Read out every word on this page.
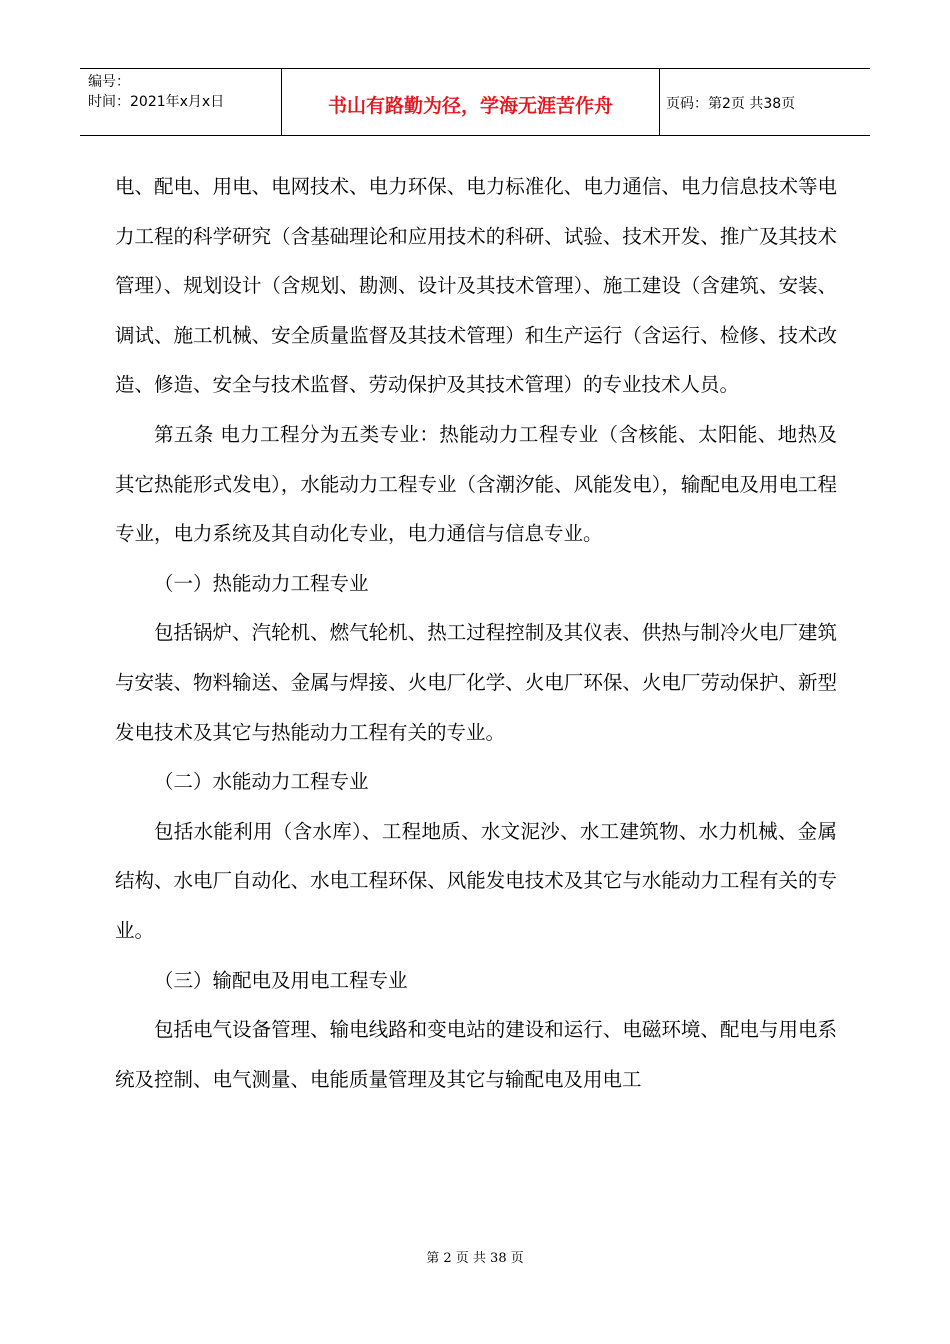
编号：
时间：2021年x月x日	书山有路勤为径，学海无涯苦作舟	页码：第2页 共38页

电、配电、用电、电网技术、电力环保、电力标准化、电力通信、电力信息技术等电力工程的科学研究（含基础理论和应用技术的科研、试验、技术开发、推广及其技术管理）、规划设计（含规划、勘测、设计及其技术管理）、施工建设（含建筑、安装、调试、施工机械、安全质量监督及其技术管理）和生产运行（含运行、检修、技术改造、修造、安全与技术监督、劳动保护及其技术管理）的专业技术人员。

第五条 电力工程分为五类专业：热能动力工程专业（含核能、太阳能、地热及其它热能形式发电），水能动力工程专业（含潮汐能、风能发电），输配电及用电工程专业，电力系统及其自动化专业，电力通信与信息专业。

（一）热能动力工程专业

包括锅炉、汽轮机、燃气轮机、热工过程控制及其仪表、供热与制冷火电厂建筑与安装、物料输送、金属与焊接、火电厂化学、火电厂环保、火电厂劳动保护、新型发电技术及其它与热能动力工程有关的专业。

（二）水能动力工程专业

包括水能利用（含水库）、工程地质、水文泥沙、水工建筑物、水力机械、金属结构、水电厂自动化、水电工程环保、风能发电技术及其它与水能动力工程有关的专业。

（三）输配电及用电工程专业

包括电气设备管理、输电线路和变电站的建设和运行、电磁环境、配电与用电系统及控制、电气测量、电能质量管理及其它与输配电及用电工

第 2 页 共 38 页
